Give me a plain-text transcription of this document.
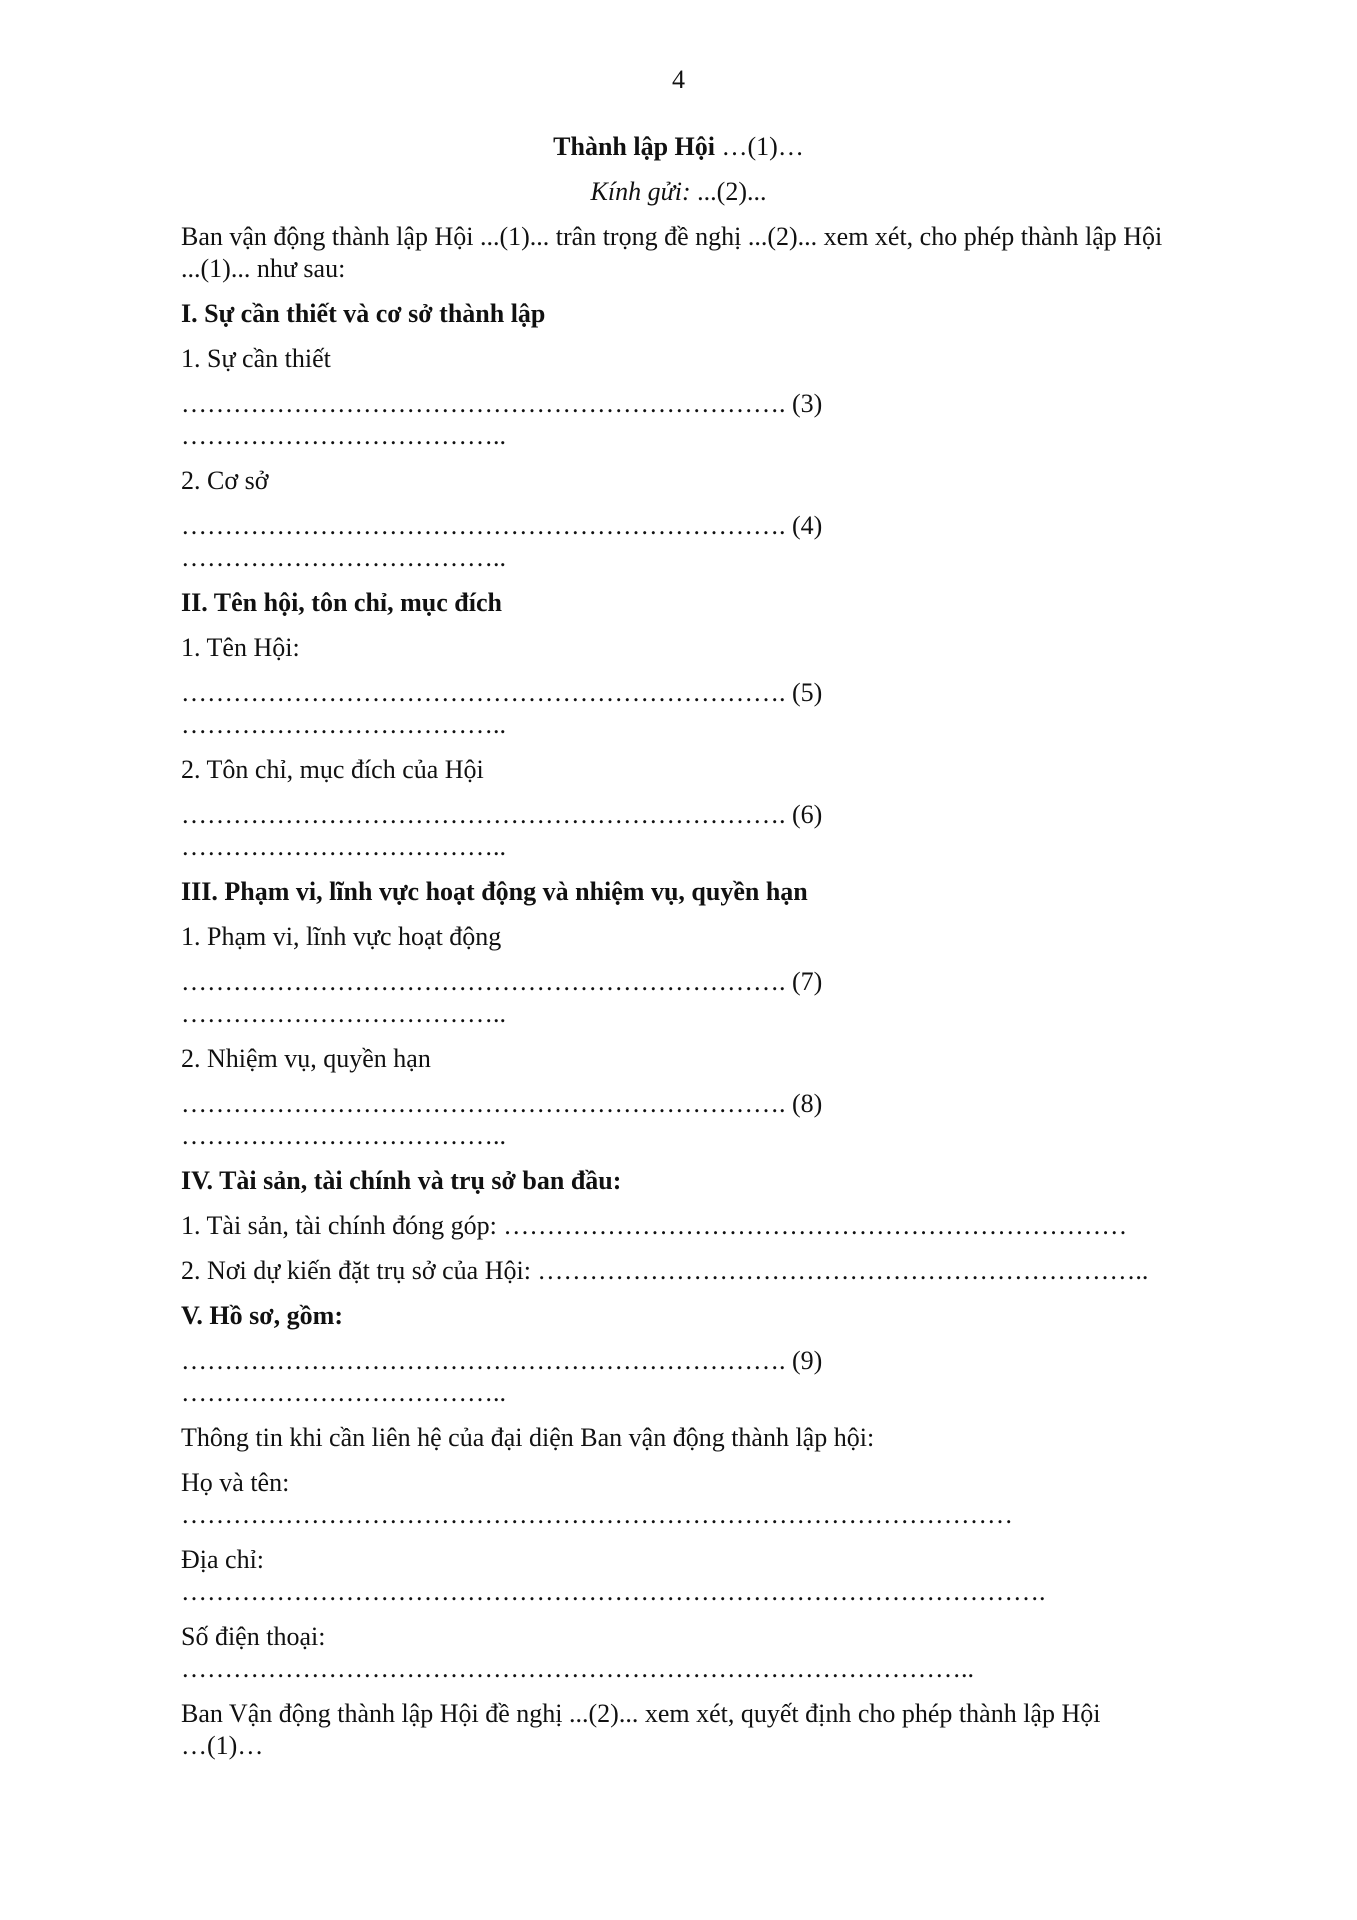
4
Thành lập Hội …(1)…
Kính gửi: ...(2)...
Ban vận động thành lập Hội ...(1)... trân trọng đề nghị ...(2)... xem xét, cho phép thành lập Hội
...(1)... như sau:
I. Sự cần thiết và cơ sở thành lập
1. Sự cần thiết
……………………………………………………………. (3)
………………………………..
2. Cơ sở
……………………………………………………………. (4)
………………………………..
II. Tên hội, tôn chỉ, mục đích
1. Tên Hội:
……………………………………………………………. (5)
………………………………..
2. Tôn chỉ, mục đích của Hội
……………………………………………………………. (6)
………………………………..
III. Phạm vi, lĩnh vực hoạt động và nhiệm vụ, quyền hạn
1. Phạm vi, lĩnh vực hoạt động
……………………………………………………………. (7)
………………………………..
2. Nhiệm vụ, quyền hạn
……………………………………………………………. (8)
………………………………..
IV. Tài sản, tài chính và trụ sở ban đầu:
1. Tài sản, tài chính đóng góp: ………………………………………………………………
2. Nơi dự kiến đặt trụ sở của Hội: ……………………………………………………………..
V. Hồ sơ, gồm:
……………………………………………………………. (9)
………………………………..
Thông tin khi cần liên hệ của đại diện Ban vận động thành lập hội:
Họ và tên:
……………………………………………………………………………………
Địa chỉ:
……………………………………………………………………………………….
Số điện thoại:
………………………………………………………………………………..
Ban Vận động thành lập Hội đề nghị ...(2)... xem xét, quyết định cho phép thành lập Hội
…(1)…
